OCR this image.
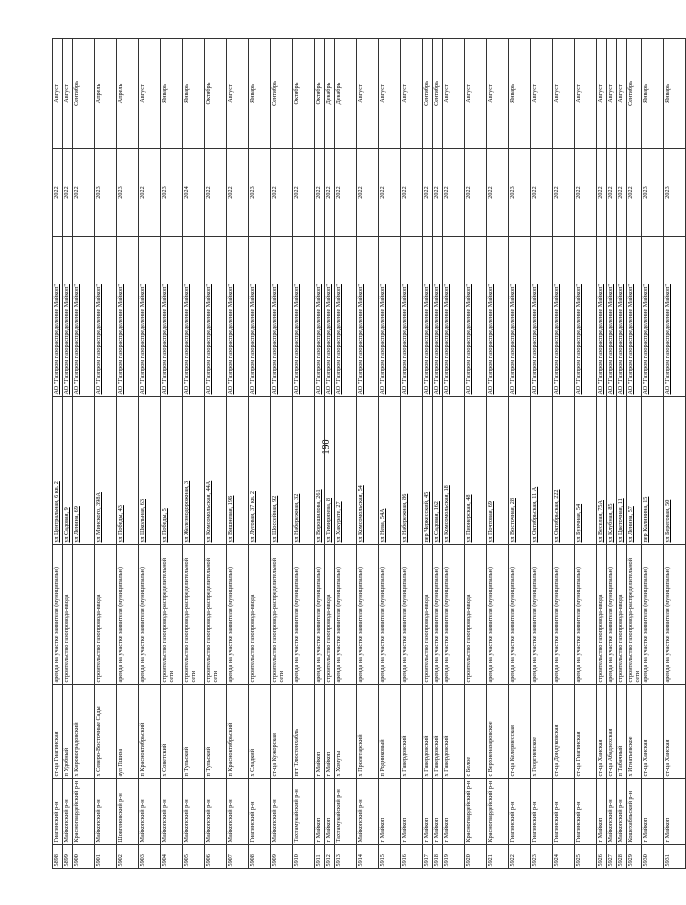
190
5898	Гиагинский р-н	ст-ца Гиагинская	аренда на участке заявителя (муниципальн)	ул Центральная, 6 кв. 2	АО "Газпром газораспределение Майкоп"	2022	Август
5899	Майкопский р-н	п Удобный	строительство газопровода-ввода	ул Садовая, 9	АО "Газпром газораспределение Майкоп"	2022	Август
5900	Красногвардейский р-н	х Кировоградовский		ул Ленина, 69	АО "Газпром газораспределение Майкоп"	2022	Сентябрь
5901	Майкопский р-н	х Северо-Восточные Сады	строительство газопровода-ввода	ул Минского, 398А	АО "Газпром газораспределение Майкоп"	2023	Апрель
5902	Шовгеновский р-н	аул Пшиза	аренда на участке заявителя (муниципальн)	ул Победы, 43	АО "Газпром газораспределение Майкоп"	2023	Апрель
5903	Майкопский р-н	п Красноктябрьский	аренда на участке заявителя (муниципальн)	ул Школьная, 63	АО "Газпром газораспределение Майкоп"	2022	Август
5904	Майкопский р-н	х Советский	строительство газопровода-распределительной сети	ул Победы, 5	АО "Газпром газораспределение Майкоп"	2023	Январь
5905	Майкопский р-н	п Тульский	строительство газопровода-распределительной сети	ул Железнодорожная, 3	АО "Газпром газораспределение Майкоп"	2024	Январь
5906	Майкопский р-н	п Тульский	строительство газопровода-распределительной сети	ул Комсомольская, 44А	АО "Газпром газораспределение Майкоп"	2022	Октябрь
5907	Майкопский р-н	п Красноктябрьский	аренда на участке заявителя (муниципальн)	ул Вишневая, 19Б	АО "Газпром газораспределение Майкоп"	2022	Август
5908	Гиагинский р-н	х Сладкий	строительство газопровода-ввода	ул Луговая, 37 кв. 2	АО "Газпром газораспределение Майкоп"	2023	Январь
5909	Майкопский р-н	ст-ца Кужорская	строительство газопровода-распределительной сети	ул Шоссейная, 92	АО "Газпром газораспределение Майкоп"	2022	Сентябрь
5910	Тахтамукайский р-н	пгт Тлюстенхабль	аренда на участке заявителя (муниципальн)	ул Набережная, 32	АО "Газпром газораспределение Майкоп"	2022	Октябрь
5911	г Майкоп	г Майкоп	аренда на участке заявителя (муниципальн)	ул Ворошилова, 261	АО "Газпром газораспределение Майкоп"	2022	Октябрь
5912	г Майкоп	г Майкоп	строительство газопровода-ввода	ул Тимирязева, 8	АО "Газпром газораспределение Майкоп"	2022	Декабрь
5913	Тахтамукайский р-н	х Хомуты	аренда на участке заявителя (муниципальн)	ул Хакурате, 27	АО "Газпром газораспределение Майкоп"	2022	Декабрь
5914	Майкопский р-н	х Пролетарский	аренда на участке заявителя (муниципальн)	ул Комсомольская, 54	АО "Газпром газораспределение Майкоп"	2022	Август
5915	г Майкоп	п Родниковый	аренда на участке заявителя (муниципальн)	ул Нева, 54А	АО "Газпром газораспределение Майкоп"	2022	Август
5916	г Майкоп	х Гавердовский	аренда на участке заявителя (муниципальн)	ул Набережная, 86	АО "Газпром газораспределение Майкоп"	2022	Август
5917	г Майкоп	х Гавердовский	строительство газопровода-ввода	пер Черкесский, 45	АО "Газпром газораспределение Майкоп"	2022	Сентябрь
5918	г Майкоп	х Гавердовский	аренда на участке заявителя (муниципальн)	ул Садовая, 162	АО "Газпром газораспределение Майкоп"	2022	Сентябрь
5919	г Майкоп	х Гавердовский	аренда на участке заявителя (муниципальн)	ул Комсомольская, 18	АО "Газпром газораспределение Майкоп"	2022	Август
5920	Красногвардейский р-н	с Белое	строительство газопровода-ввода	ул Пионерская, 48	АО "Газпром газораспределение Майкоп"	2022	Август
5921	Красногвардейский р-н	с Верхненазаровское	аренда на участке заявителя (муниципальн)	ул Почтовая, 69	АО "Газпром газораспределение Майкоп"	2022	Август
5922	Гиагинский р-н	ст-ца Келермесская	аренда на участке заявителя (муниципальн)	ул Восточная, 28	АО "Газпром газораспределение Майкоп"	2023	Январь
5923	Гиагинский р-н	х Георгиевское	аренда на участке заявителя (муниципальн)	ул Октябрьская, 11 А	АО "Газпром газораспределение Майкоп"	2022	Август
5924	Гиагинский р-н	ст-ца Дондуковская	аренда на участке заявителя (муниципальн)	ул Октябрьская, 222	АО "Газпром газораспределение Майкоп"	2022	Август
5925	Гиагинский р-н	ст-ца Гиагинская	аренда на участке заявителя (муниципальн)	ул Бунчная, 54	АО "Газпром газораспределение Майкоп"	2022	Август
5926	г Майкоп	ст-ца Ханская	строительство газопровода-ввода	ул Веселая, 75А	АО "Газпром газораспределение Майкоп"	2022	Август
5927	Майкопский р-н	ст-ца Абадзехская	аренда на участке заявителя (муниципальн)	ул Клубная, 85	АО "Газпром газораспределение Майкоп"	2022	Август
5928	Майкопский р-н	п Табачный	строительство газопровода-ввода	ул Цветочная, 11	АО "Газпром газораспределение Майкоп"	2022	Август
5929	Кошехабльский р-н	х Игнатьевское	строительство газопровода-распределительной сети	ул Ленина, 57	АО "Газпром газораспределение Майкоп"	2022	Сентябрь
5930	г Майкоп	ст-ца Ханская	аренда на участке заявителя (муниципальн)	пер Калинина, 15	АО "Газпром газораспределение Майкоп"	2023	Январь
5931	г Майкоп	ст-ца Ханская	аренда на участке заявителя (муниципальн)	ул Береговая, 50	АО "Газпром газораспределение Майкоп"	2023	Январь
